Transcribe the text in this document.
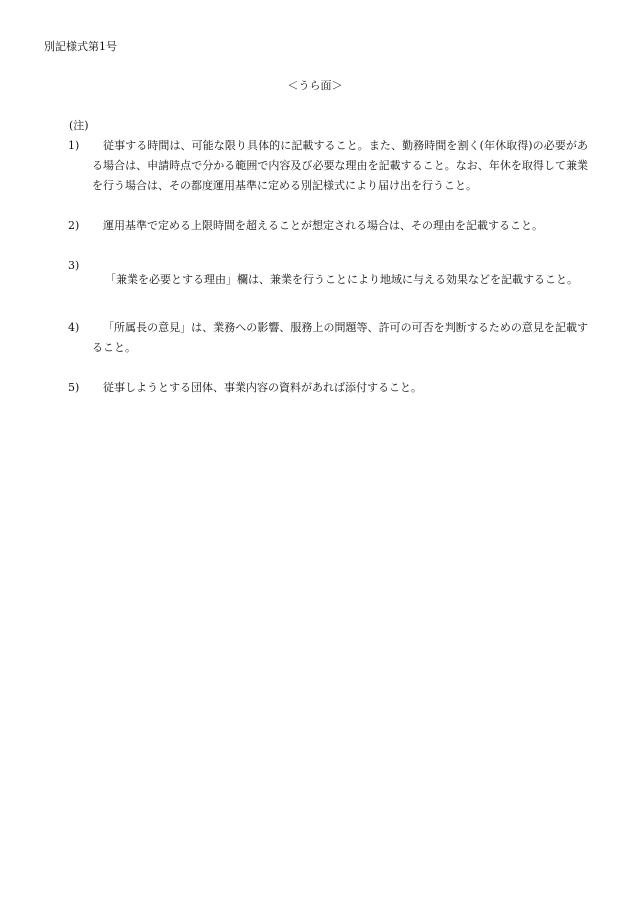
別記様式第1号
＜うら面＞
(注)
1)	従事する時間は、可能な限り具体的に記載すること。また、勤務時間を割く(年休取得)の必要がある場合は、申請時点で分かる範囲で内容及び必要な理由を記載すること。なお、年休を取得して兼業を行う場合は、その都度運用基準に定める別記様式により届け出を行うこと。
2)	運用基準で定める上限時間を超えることが想定される場合は、その理由を記載すること。
3)
「兼業を必要とする理由」欄は、兼業を行うことにより地域に与える効果などを記載すること。
4)	「所属長の意見」は、業務への影響、服務上の問題等、許可の可否を判断するための意見を記載すること。
5)	従事しようとする団体、事業内容の資料があれば添付すること。
